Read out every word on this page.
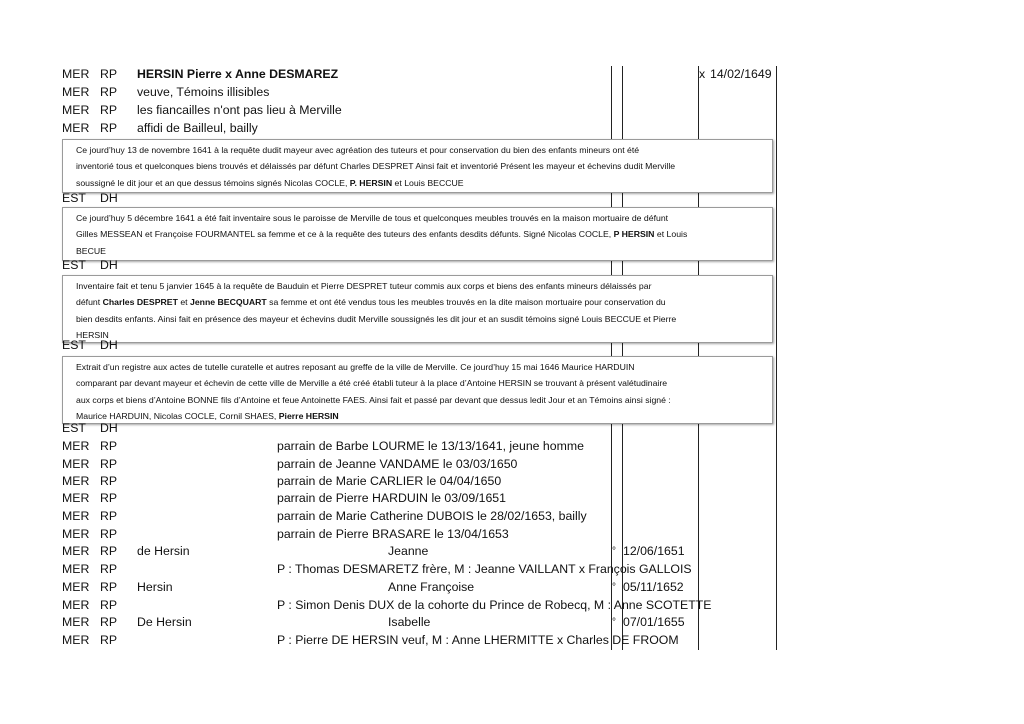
MER RP HERSIN Pierre x Anne DESMAREZ	x 14/02/1649
MER RP veuve, Témoins illisibles
MER RP les fiancailles n'ont pas lieu à Merville
MER RP affidi de Bailleul, bailly

Ce jourd’huy 13 de novembre 1641 à la requête dudit mayeur avec agréation des tuteurs et pour conservation du bien des enfants mineurs ont été

inventorié tous et quelconques biens trouvés et délaissés par défunt Charles DESPRET Ainsi fait et inventorié Présent les mayeur et échevins dudit Merville

soussigné le dit jour et an que dessus témoins signés Nicolas COCLE, P. HERSIN et Louis BECCUE

EST DH

Ce jourd’huy 5 décembre 1641 a été fait inventaire sous le paroisse de Merville de tous et quelconques meubles trouvés en la maison mortuaire de défunt

Gilles MESSEAN et Françoise FOURMANTEL sa femme et ce à la requête des tuteurs des enfants desdits défunts. Signé Nicolas COCLE, P HERSIN et Louis

BECUE

EST DH

Inventaire fait et tenu 5 janvier 1645 à la requête de Bauduin et Pierre DESPRET tuteur commis aux corps et biens des enfants mineurs délaissés par

défunt Charles DESPRET et Jenne BECQUART sa femme et ont été vendus tous les meubles trouvés en la dite maison mortuaire pour conservation du

bien desdits enfants. Ainsi fait en présence des mayeur et échevins dudit Merville soussignés les dit jour et an susdit témoins signé Louis BECCUE et Pierre

HERSIN

EST DH

Extrait d’un registre aux actes de tutelle curatelle et autres reposant au greffe de la ville de Merville. Ce jourd’huy 15 mai 1646 Maurice HARDUIN

comparant par devant mayeur et échevin de cette ville de Merville a été créé établi tuteur à la place d’Antoine HERSIN se trouvant à présent valétudinaire

aux corps et biens d’Antoine BONNE fils d’Antoine et feue Antoinette FAES. Ainsi fait et passé par devant que dessus ledit Jour et an Témoins ainsi signé :

Maurice HARDUIN, Nicolas COCLE, Cornil SHAES, Pierre HERSIN

EST DH
MER RP	parrain de Barbe LOURME le 13/13/1641, jeune homme
MER RP	parrain de Jeanne VANDAME le 03/03/1650
MER RP	parrain de Marie CARLIER le 04/04/1650
MER RP	parrain de Pierre HARDUIN le 03/09/1651
MER RP	parrain de Marie Catherine DUBOIS le 28/02/1653, bailly
MER RP	parrain de Pierre BRASARE le 13/04/1653
MER RP de Hersin	Jeanne	° 12/06/1651
MER RP	P : Thomas DESMARETZ frère, M : Jeanne VAILLANT x François GALLOIS
MER RP Hersin	Anne Françoise	° 05/11/1652
MER RP	P : Simon Denis DUX de la cohorte du Prince de Robecq, M : Anne SCOTETTE
MER RP De Hersin	Isabelle	° 07/01/1655
MER RP	P : Pierre DE HERSIN veuf, M : Anne LHERMITTE x Charles DE FROOM
